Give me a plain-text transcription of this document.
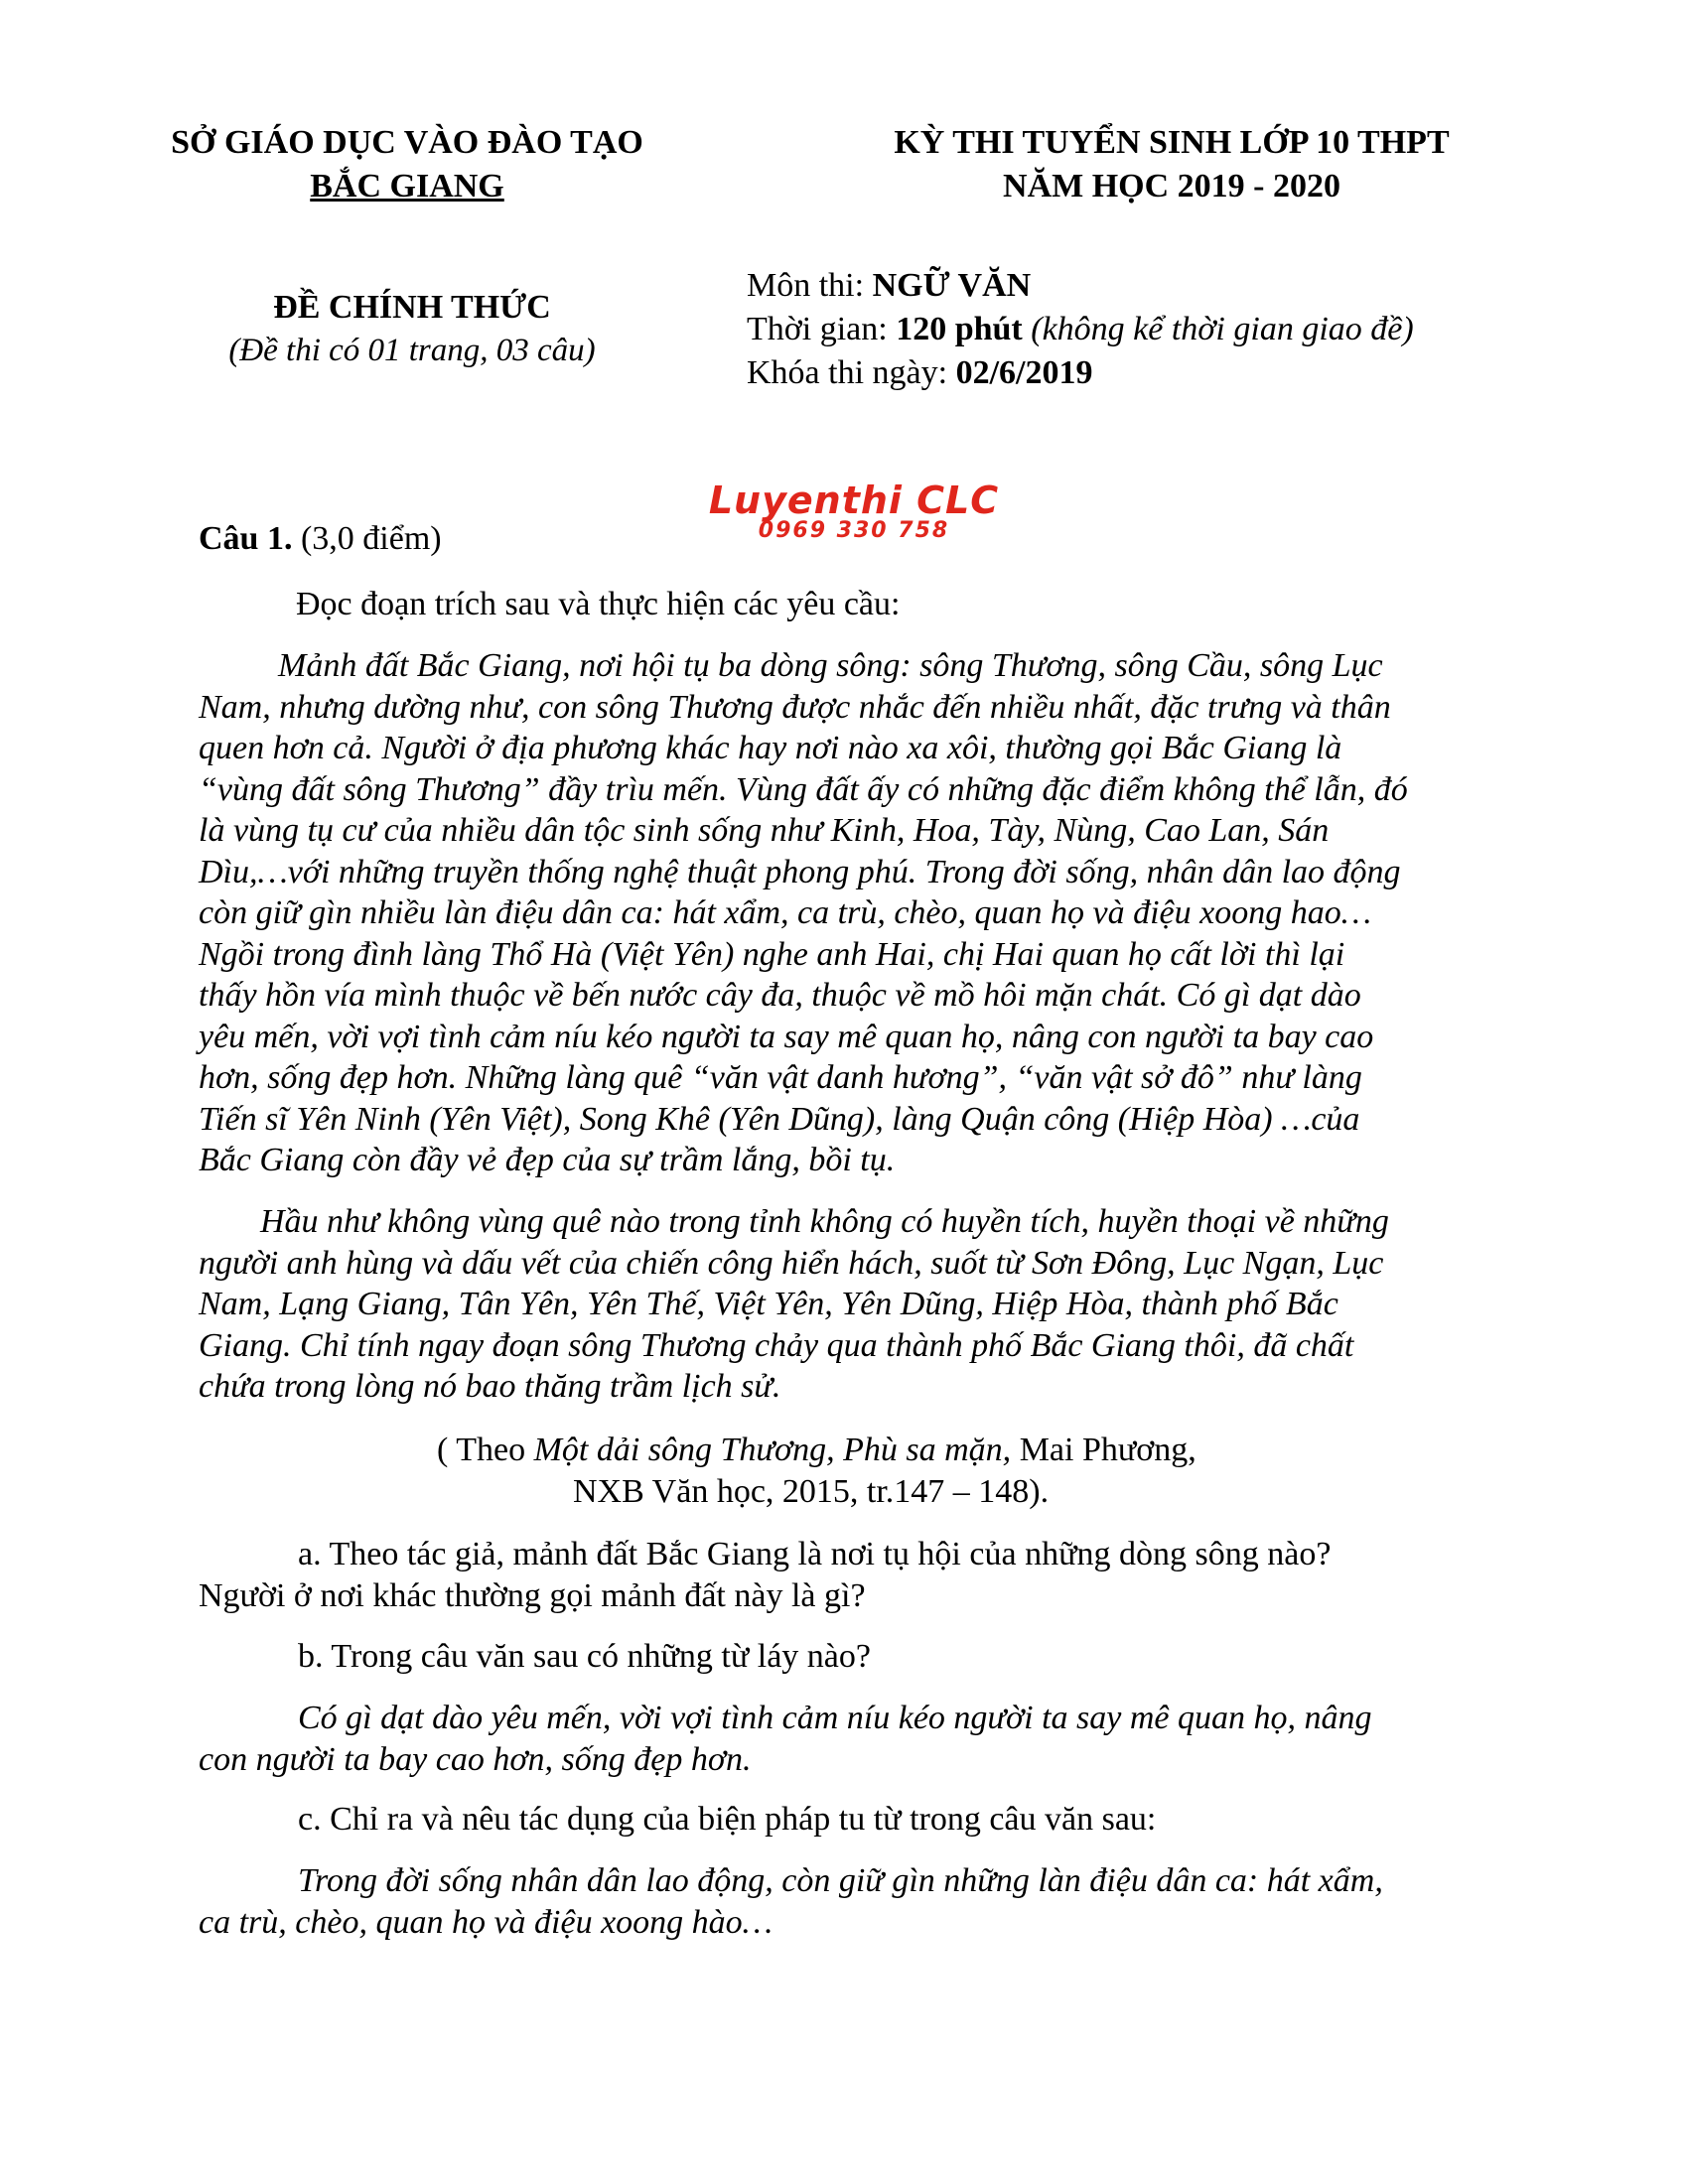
SỞ GIÁO DỤC VÀO ĐÀO TẠO
BẮC GIANG
KỲ THI TUYỂN SINH LỚP 10 THPT
NĂM HỌC 2019 - 2020
ĐỀ CHÍNH THỨC
(Đề thi có 01 trang, 03 câu)
Môn thi: NGỮ VĂN
Thời gian: 120 phút (không kể thời gian giao đề)
Khóa thi ngày: 02/6/2019
Luyenthi CLC
0969 330 758
Câu 1. (3,0 điểm)
Đọc đoạn trích sau và thực hiện các yêu cầu:
Mảnh đất Bắc Giang, nơi hội tụ ba dòng sông: sông Thương, sông Cầu, sông Lục
Nam, nhưng dường như, con sông Thương được nhắc đến nhiều nhất, đặc trưng và thân
quen hơn cả. Người ở địa phương khác hay nơi nào xa xôi, thường gọi Bắc Giang là
“vùng đất sông Thương” đầy trìu mến. Vùng đất ấy có những đặc điểm không thể lẫn, đó
là vùng tụ cư của nhiều dân tộc sinh sống như Kinh, Hoa, Tày, Nùng, Cao Lan, Sán
Dìu,…với những truyền thống nghệ thuật phong phú. Trong đời sống, nhân dân lao động
còn giữ gìn nhiều làn điệu dân ca: hát xẩm, ca trù, chèo, quan họ và điệu xoong hao…
Ngồi trong đình làng Thổ Hà (Việt Yên) nghe anh Hai, chị Hai quan họ cất lời thì lại
thấy hồn vía mình thuộc về bến nước cây đa, thuộc về mồ hôi mặn chát. Có gì dạt dào
yêu mến, vời vợi tình cảm níu kéo người ta say mê quan họ, nâng con người ta bay cao
hơn, sống đẹp hơn. Những làng quê “văn vật danh hương”, “văn vật sở đô” như làng
Tiến sĩ Yên Ninh (Yên Việt), Song Khê (Yên Dũng), làng Quận công (Hiệp Hòa) …của
Bắc Giang còn đầy vẻ đẹp của sự trầm lắng, bồi tụ.
Hầu như không vùng quê nào trong tỉnh không có huyền tích, huyền thoại về những
người anh hùng và dấu vết của chiến công hiển hách, suốt từ Sơn Đông, Lục Ngạn, Lục
Nam, Lạng Giang, Tân Yên, Yên Thế, Việt Yên, Yên Dũng, Hiệp Hòa, thành phố Bắc
Giang. Chỉ tính ngay đoạn sông Thương chảy qua thành phố Bắc Giang thôi, đã chất
chứa trong lòng nó bao thăng trầm lịch sử.
( Theo Một dải sông Thương, Phù sa mặn, Mai Phương,
NXB Văn học, 2015, tr.147 – 148).
a. Theo tác giả, mảnh đất Bắc Giang là nơi tụ hội của những dòng sông nào?
Người ở nơi khác thường gọi mảnh đất này là gì?
b. Trong câu văn sau có những từ láy nào?
Có gì dạt dào yêu mến, vời vợi tình cảm níu kéo người ta say mê quan họ, nâng
con người ta bay cao hơn, sống đẹp hơn.
c. Chỉ ra và nêu tác dụng của biện pháp tu từ trong câu văn sau:
Trong đời sống nhân dân lao động, còn giữ gìn những làn điệu dân ca: hát xẩm,
ca trù, chèo, quan họ và điệu xoong hào…
